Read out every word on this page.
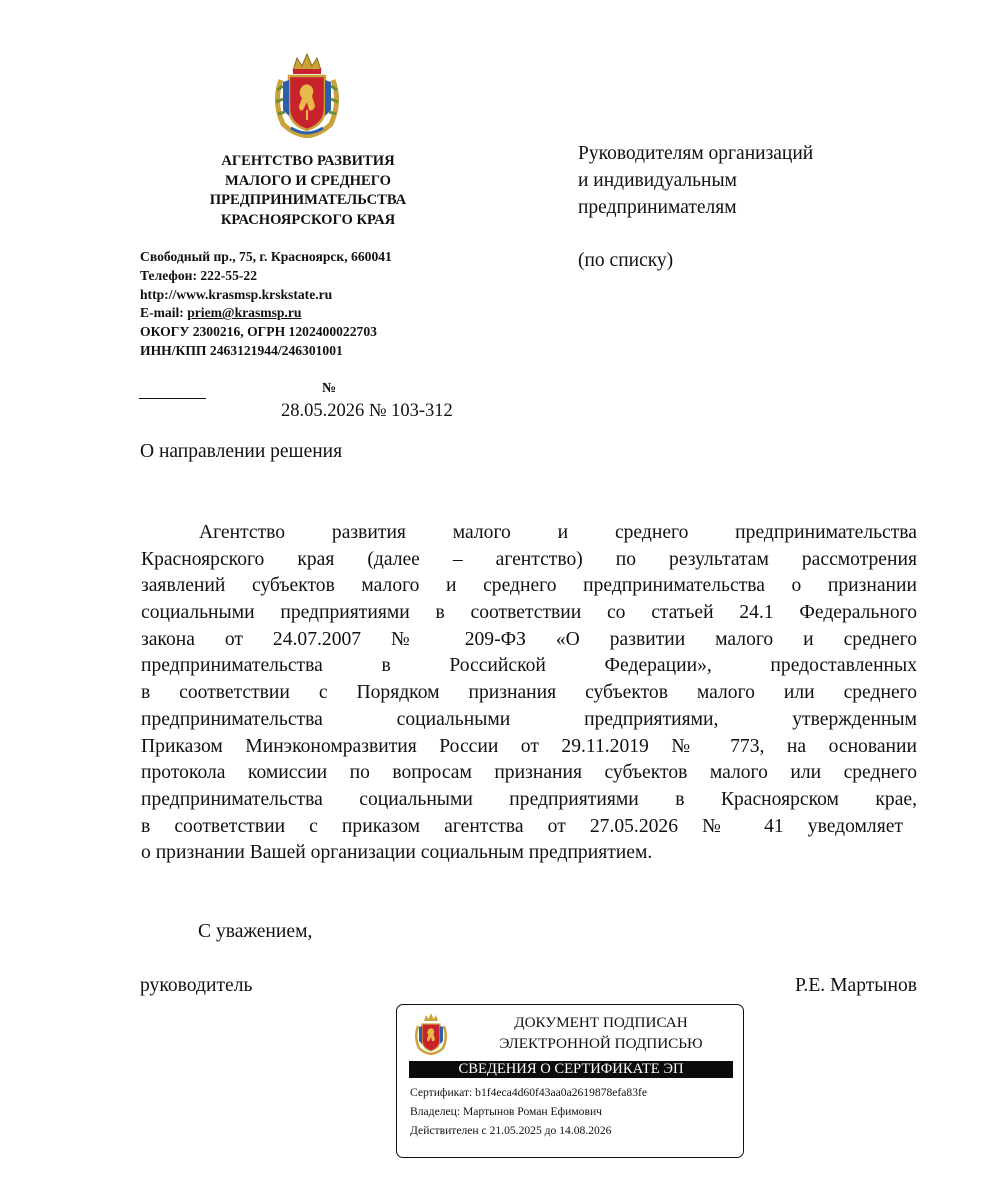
АГЕНТСТВО РАЗВИТИЯ
МАЛОГО И СРЕДНЕГО
ПРЕДПРИНИМАТЕЛЬСТВА
КРАСНОЯРСКОГО КРАЯ
Свободный пр., 75, г. Красноярск, 660041
Телефон: 222-55-22
http://www.krasmsp.krskstate.ru
E-mail: priem@krasmsp.ru
ОКОГУ 2300216, ОГРН 1202400022703
ИНН/КПП 2463121944/246301001
Руководителям организаций
и индивидуальным
предпринимателям
(по списку)
№
28.05.2026 № 103-312
О направлении решения
Агентство развития малого и среднего предпринимательства
Красноярского края (далее – агентство) по результатам рассмотрения
заявлений субъектов малого и среднего предпринимательства о признании
социальными предприятиями в соответствии со статьей 24.1 Федерального
закона от 24.07.2007 № 209-ФЗ «О развитии малого и среднего
предпринимательства в Российской Федерации», предоставленных
в соответствии с Порядком признания субъектов малого или среднего
предпринимательства социальными предприятиями, утвержденным
Приказом Минэкономразвития России от 29.11.2019 № 773, на основании
протокола комиссии по вопросам признания субъектов малого или среднего
предпринимательства социальными предприятиями в Красноярском крае,
в соответствии с приказом агентства от 27.05.2026 № 41 уведомляет
о признании Вашей организации социальным предприятием.
С уважением,
руководитель	Р.Е. Мартынов
ДОКУМЕНТ ПОДПИСАН
ЭЛЕКТРОННОЙ ПОДПИСЬЮ
СВЕДЕНИЯ О СЕРТИФИКАТЕ ЭП
Сертификат: b1f4eca4d60f43aa0a2619878efa83fe
Владелец: Мартынов Роман Ефимович
Действителен с 21.05.2025 до 14.08.2026
